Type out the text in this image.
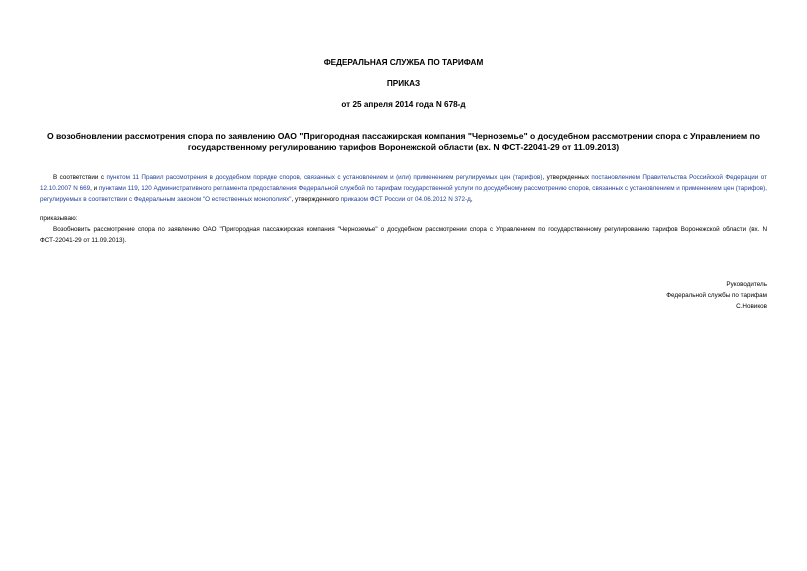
ФЕДЕРАЛЬНАЯ СЛУЖБА ПО ТАРИФАМ
ПРИКАЗ
от 25 апреля 2014 года N 678-д
О возобновлении рассмотрения спора по заявлению ОАО "Пригородная пассажирская компания "Черноземье" о досудебном рассмотрении спора с Управлением по государственному регулированию тарифов Воронежской области (вх. N ФСТ-22041-29 от 11.09.2013)
В соответствии с пунктом 11 Правил рассмотрения в досудебном порядке споров, связанных с установлением и (или) применением регулируемых цен (тарифов), утвержденных постановлением Правительства Российской Федерации от 12.10.2007 N 669, и пунктами 119, 120 Административного регламента предоставления Федеральной службой по тарифам государственной услуги по досудебному рассмотрению споров, связанных с установлением и применением цен (тарифов), регулируемых в соответствии с Федеральным законом "О естественных монополиях", утвержденного приказом ФСТ России от 04.06.2012 N 372-д,
приказываю:
Возобновить рассмотрение спора по заявлению ОАО "Пригородная пассажирская компания "Черноземье" о досудебном рассмотрении спора с Управлением по государственному регулированию тарифов Воронежской области (вх. N ФСТ-22041-29 от 11.09.2013).
Руководитель
Федеральной службы по тарифам
С.Новиков
